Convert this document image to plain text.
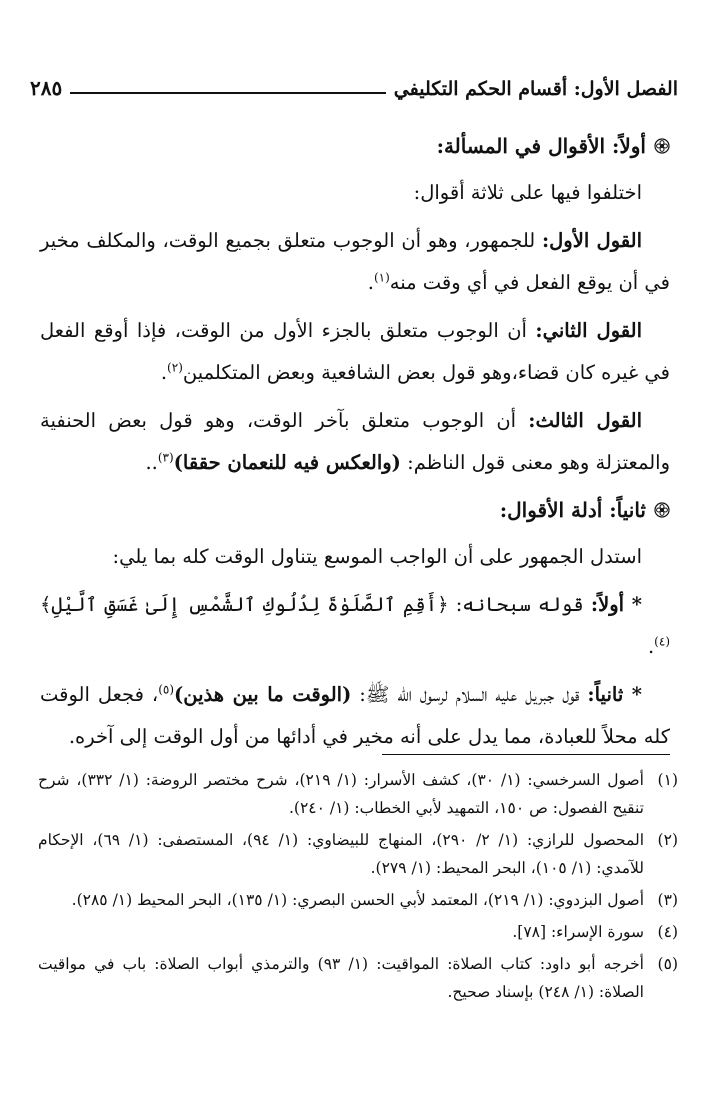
الفصل الأول: أقسام الحكم التكليفي
٢٨٥
أولاً: الأقوال في المسألة:

اختلفوا فيها على ثلاثة أقوال:

القول الأول: للجمهور، وهو أن الوجوب متعلق بجميع الوقت، والمكلف مخير في أن يوقع الفعل في أي وقت منه$^{(١)}$.

القول الثاني: أن الوجوب متعلق بالجزء الأول من الوقت، فإذا أوقع الفعل في غيره كان قضاء،وهو قول بعض الشافعية وبعض المتكلمين$^{(٢)}$.

القول الثالث: أن الوجوب متعلق بآخر الوقت، وهو قول بعض الحنفية والمعتزلة وهو معنى قول الناظم: (والعكس فيه للنعمان حققا)$^{(٣)}$..

ثانياً: أدلة الأقوال:

استدل الجمهور على أن الواجب الموسع يتناول الوقت كله بما يلي:

* أولاً: قوله سبحانه: ﴿أَقِمِ ٱلصَّلَوٰةَ لِدُلُوكِ ٱلشَّمْسِ إِلَىٰ غَسَقِ ٱلَّيْلِ﴾$^{(٤)}$.

* ثانياً: قول جبريل عليه السلام لرسول الله ﷺ: (الوقت ما بين هذين)$^{(٥)}$، فجعل الوقت كله محلاً للعبادة، مما يدل على أنه مخير في أدائها من أول الوقت إلى آخره.

(١)
أصول السرخسي: (١/ ٣٠)، كشف الأسرار: (١/ ٢١٩)، شرح مختصر الروضة: (١/ ٣٣٢)، شرح تنقيح الفصول: ص ١٥٠، التمهيد لأبي الخطاب: (١/ ٢٤٠).
(٢)
المحصول للرازي: (١/ ٢/ ٢٩٠)، المنهاج للبيضاوي: (١/ ٩٤)، المستصفى: (١/ ٦٩)، الإحكام للآمدي: (١/ ١٠٥)، البحر المحيط: (١/ ٢٧٩).
(٣)
أصول البزدوي: (١/ ٢١٩)، المعتمد لأبي الحسن البصري: (١/ ١٣٥)، البحر المحيط (١/ ٢٨٥).
(٤)
سورة الإسراء: [٧٨].
(٥)
أخرجه أبو داود: كتاب الصلاة: المواقيت: (١/ ٩٣) والترمذي أبواب الصلاة: باب في مواقيت الصلاة: (١/ ٢٤٨) بإسناد صحيح.
